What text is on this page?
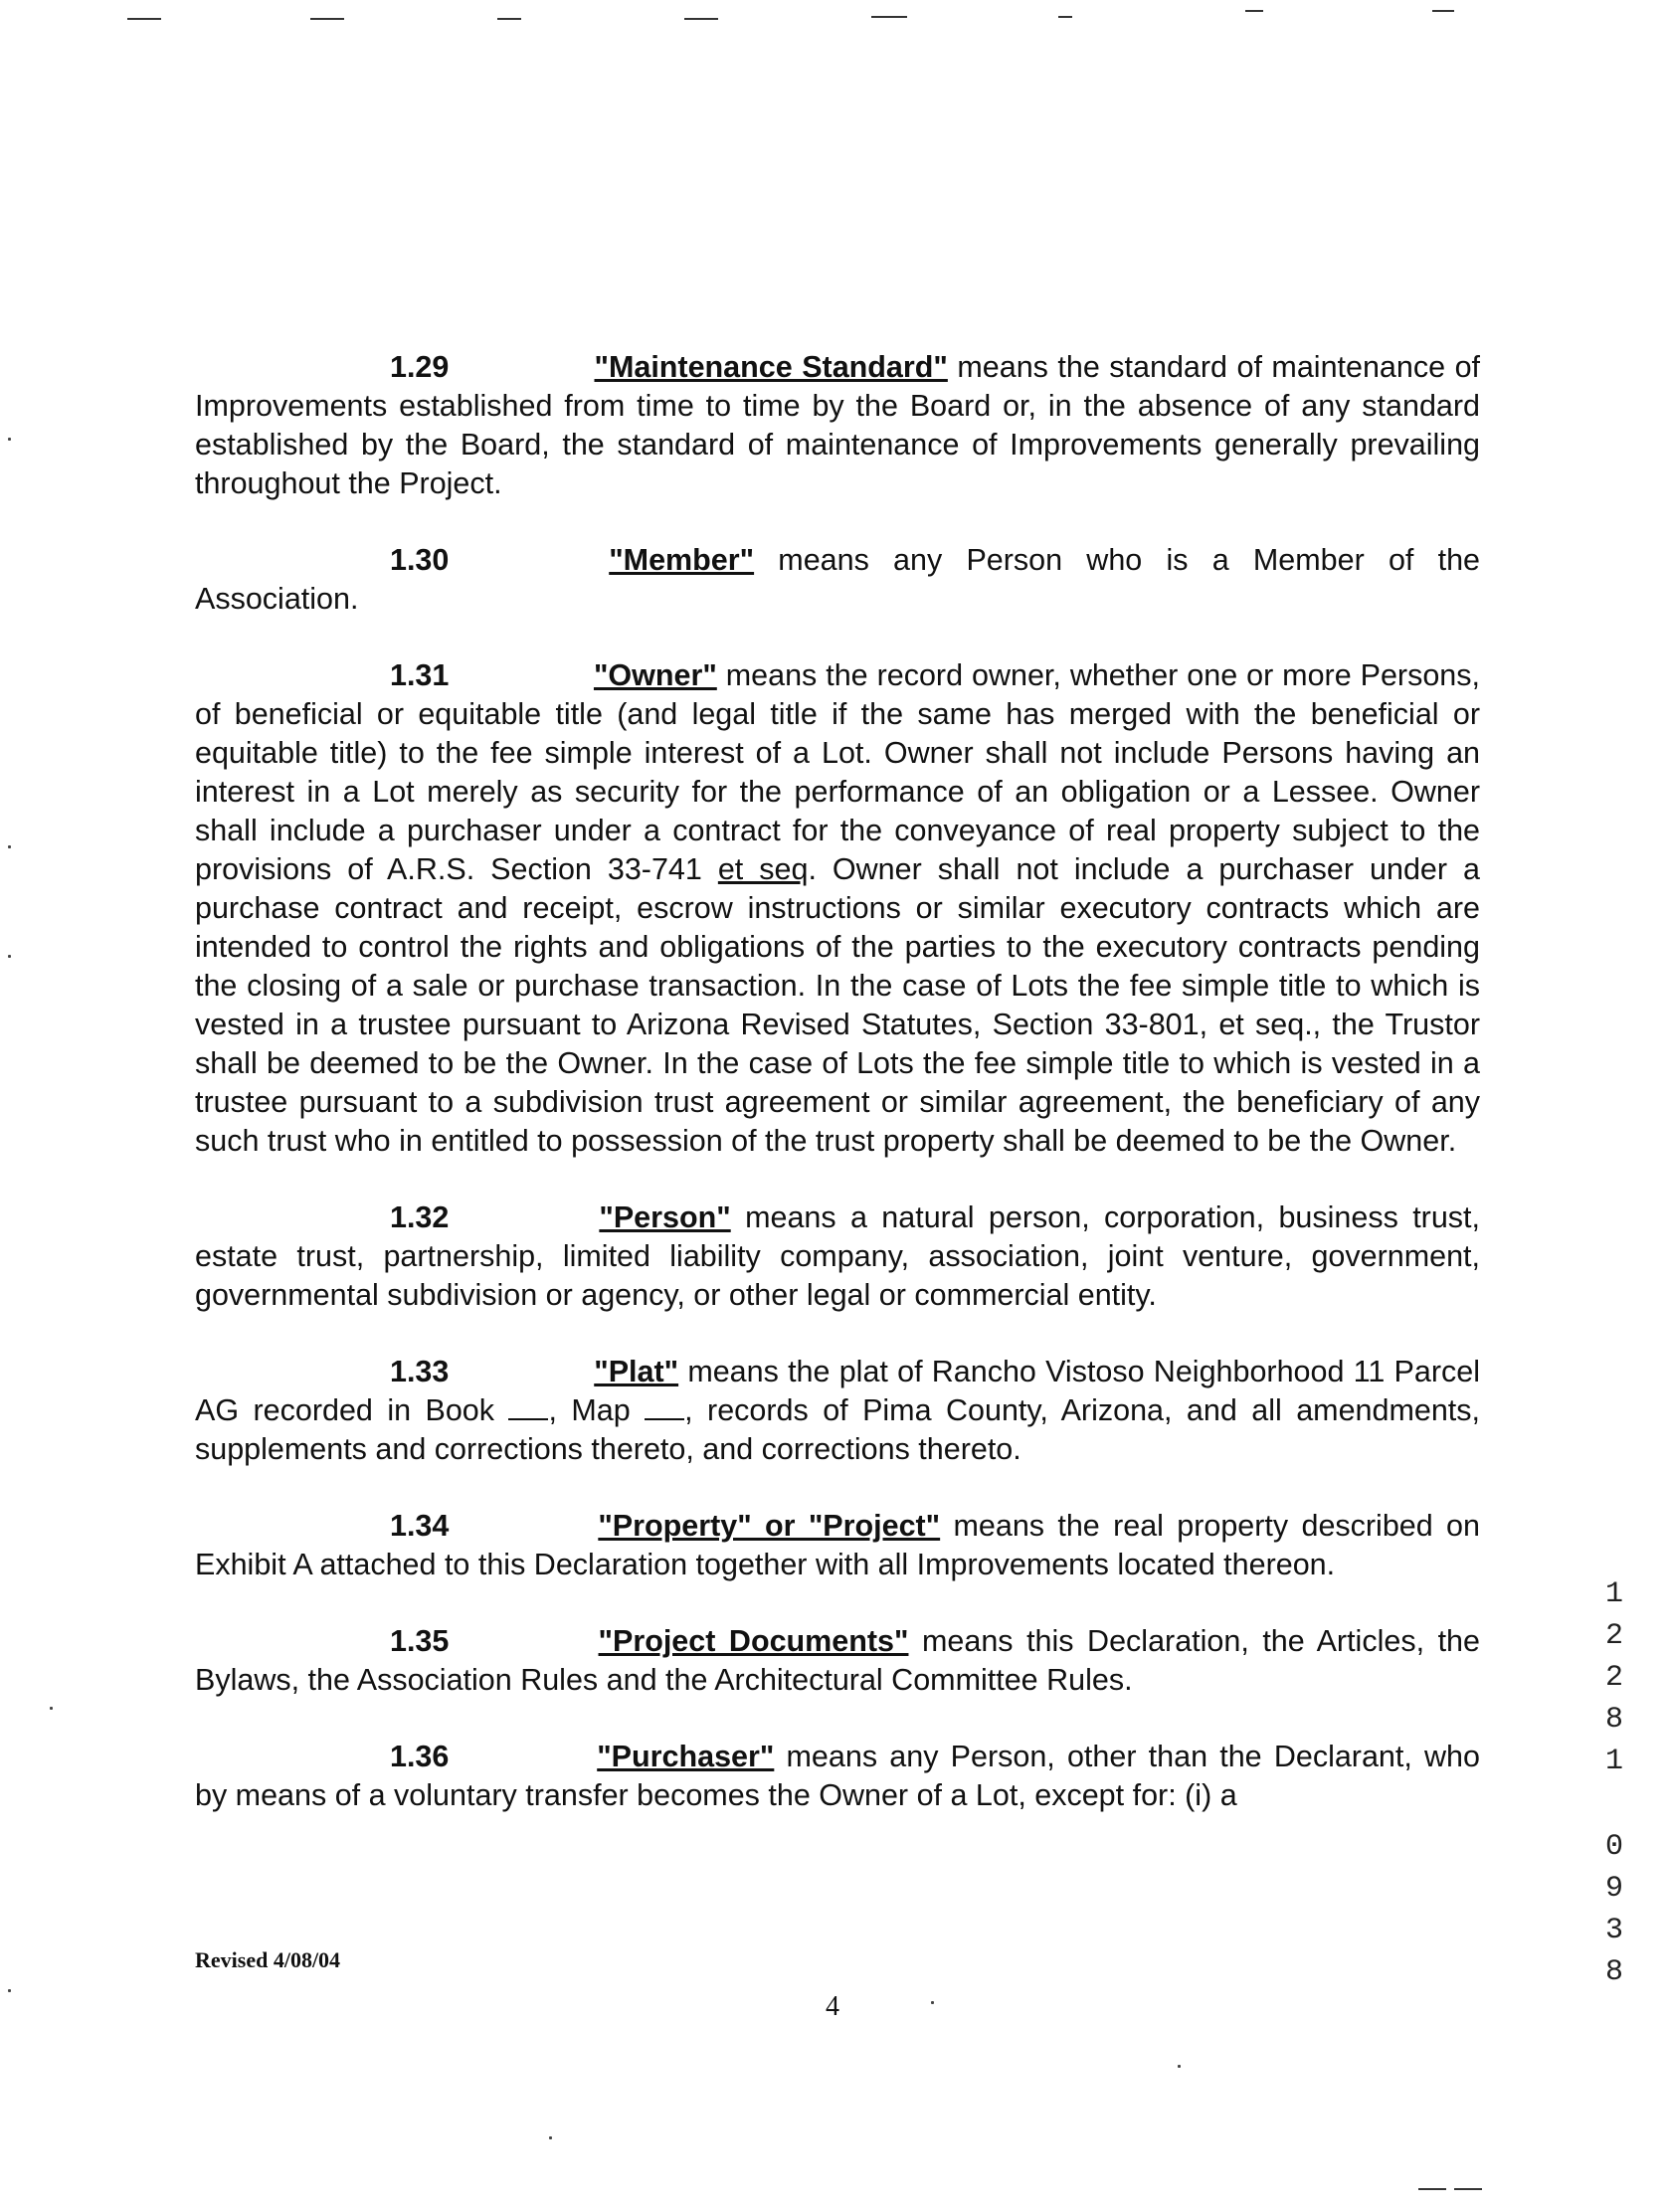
1.29	"Maintenance Standard" means the standard of maintenance of Improvements established from time to time by the Board or, in the absence of any standard established by the Board, the standard of maintenance of Improvements generally prevailing throughout the Project.

1.30	"Member" means any Person who is a Member of the Association.

1.31	"Owner" means the record owner, whether one or more Persons, of beneficial or equitable title (and legal title if the same has merged with the beneficial or equitable title) to the fee simple interest of a Lot. Owner shall not include Persons having an interest in a Lot merely as security for the performance of an obligation or a Lessee. Owner shall include a purchaser under a contract for the conveyance of real property subject to the provisions of A.R.S. Section 33-741 et seq. Owner shall not include a purchaser under a purchase contract and receipt, escrow instructions or similar executory contracts which are intended to control the rights and obligations of the parties to the executory contracts pending the closing of a sale or purchase transaction. In the case of Lots the fee simple title to which is vested in a trustee pursuant to Arizona Revised Statutes, Section 33-801, et seq., the Trustor shall be deemed to be the Owner. In the case of Lots the fee simple title to which is vested in a trustee pursuant to a subdivision trust agreement or similar agreement, the beneficiary of any such trust who in entitled to possession of the trust property shall be deemed to be the Owner.

1.32	"Person" means a natural person, corporation, business trust, estate trust, partnership, limited liability company, association, joint venture, government, governmental subdivision or agency, or other legal or commercial entity.

1.33	"Plat" means the plat of Rancho Vistoso Neighborhood 11 Parcel AG recorded in Book , Map , records of Pima County, Arizona, and all amendments, supplements and corrections thereto, and corrections thereto.

1.34	"Property" or "Project" means the real property described on Exhibit A attached to this Declaration together with all Improvements located thereon.

1.35	"Project Documents" means this Declaration, the Articles, the Bylaws, the Association Rules and the Architectural Committee Rules.

1.36	"Purchaser" means any Person, other than the Declarant, who by means of a voluntary transfer becomes the Owner of a Lot, except for: (i) a

Revised 4/08/04
4
1
2
2
8
1
0
9
3
8
